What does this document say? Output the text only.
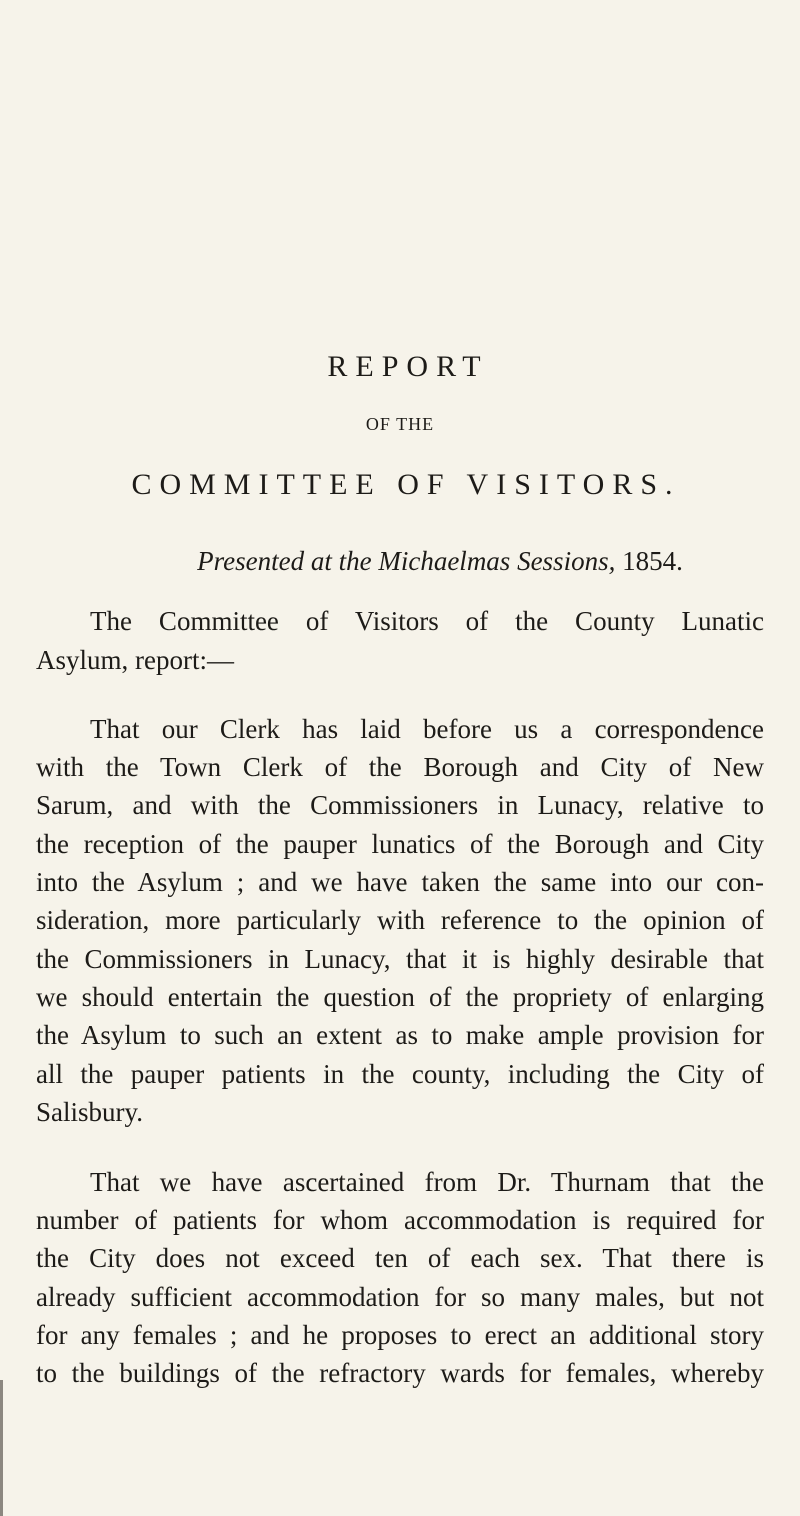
REPORT
OF THE
COMMITTEE OF VISITORS.
Presented at the Michaelmas Sessions, 1854.
The Committee of Visitors of the County Lunatic
Asylum, report:—
That our Clerk has laid before us a correspondence
with the Town Clerk of the Borough and City of New
Sarum, and with the Commissioners in Lunacy, relative to
the reception of the pauper lunatics of the Borough and City
into the Asylum ; and we have taken the same into our con-
sideration, more particularly with reference to the opinion of
the Commissioners in Lunacy, that it is highly desirable that
we should entertain the question of the propriety of enlarging
the Asylum to such an extent as to make ample provision for
all the pauper patients in the county, including the City of
Salisbury.
That we have ascertained from Dr. Thurnam that the
number of patients for whom accommodation is required for
the City does not exceed ten of each sex. That there is
already sufficient accommodation for so many males, but not
for any females ; and he proposes to erect an additional story
to the buildings of the refractory wards for females, whereby
